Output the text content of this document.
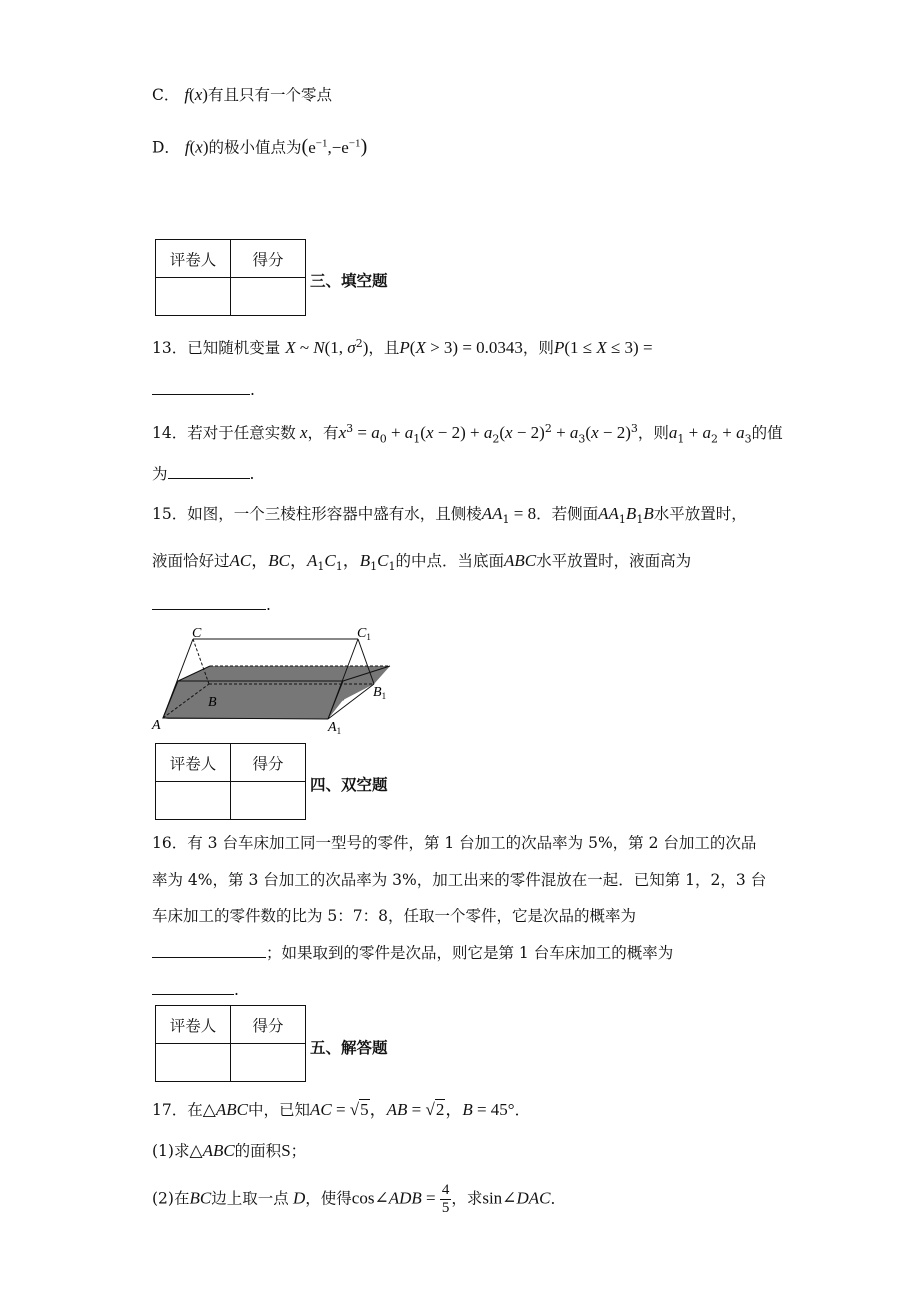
C． f(x)有且只有一个零点
D． f(x)的极小值点为$(e^{-1},-e^{-1})$
评卷人	得分

三、填空题
13．已知随机变量 X ~ N(1, $\sigma^2$)，且P(X > 3) = 0.0343，则P(1 ≤ X ≤ 3) =
.
14．若对于任意实数 x，有$x^3 = a_0 + a_1(x - 2) + a_2(x - 2)^2 + a_3(x - 2)^3$，则$a_1 + a_2 + a_3$的值
为	.
15．如图，一个三棱柱形容器中盛有水，且侧棱$AA_1 = 8$．若侧面$AA_1B_1B$水平放置时，
液面恰好过AC，BC，$A_1C_1$，$B_1C_1$的中点．当底面ABC水平放置时，液面高为
.
C	$C_1$
B
$B_1$
A	$A_1$
评卷人	得分

四、双空题
16．有 3 台车床加工同一型号的零件，第 1 台加工的次品率为 5%，第 2 台加工的次品
率为 4%，第 3 台加工的次品率为 3%，加工出来的零件混放在一起．已知第 1，2，3 台
车床加工的零件数的比为 5：7：8，任取一个零件，它是次品的概率为
；如果取到的零件是次品，则它是第 1 台车床加工的概率为
.
评卷人	得分

五、解答题
17．在△ABC中，已知AC = √5，AB = √2，B = 45°．
(1)求△ABC的面积S；
(2)在BC边上取一点 D，使得cos∠ADB = $\frac{4}{5}$ ，求sin∠DAC．
